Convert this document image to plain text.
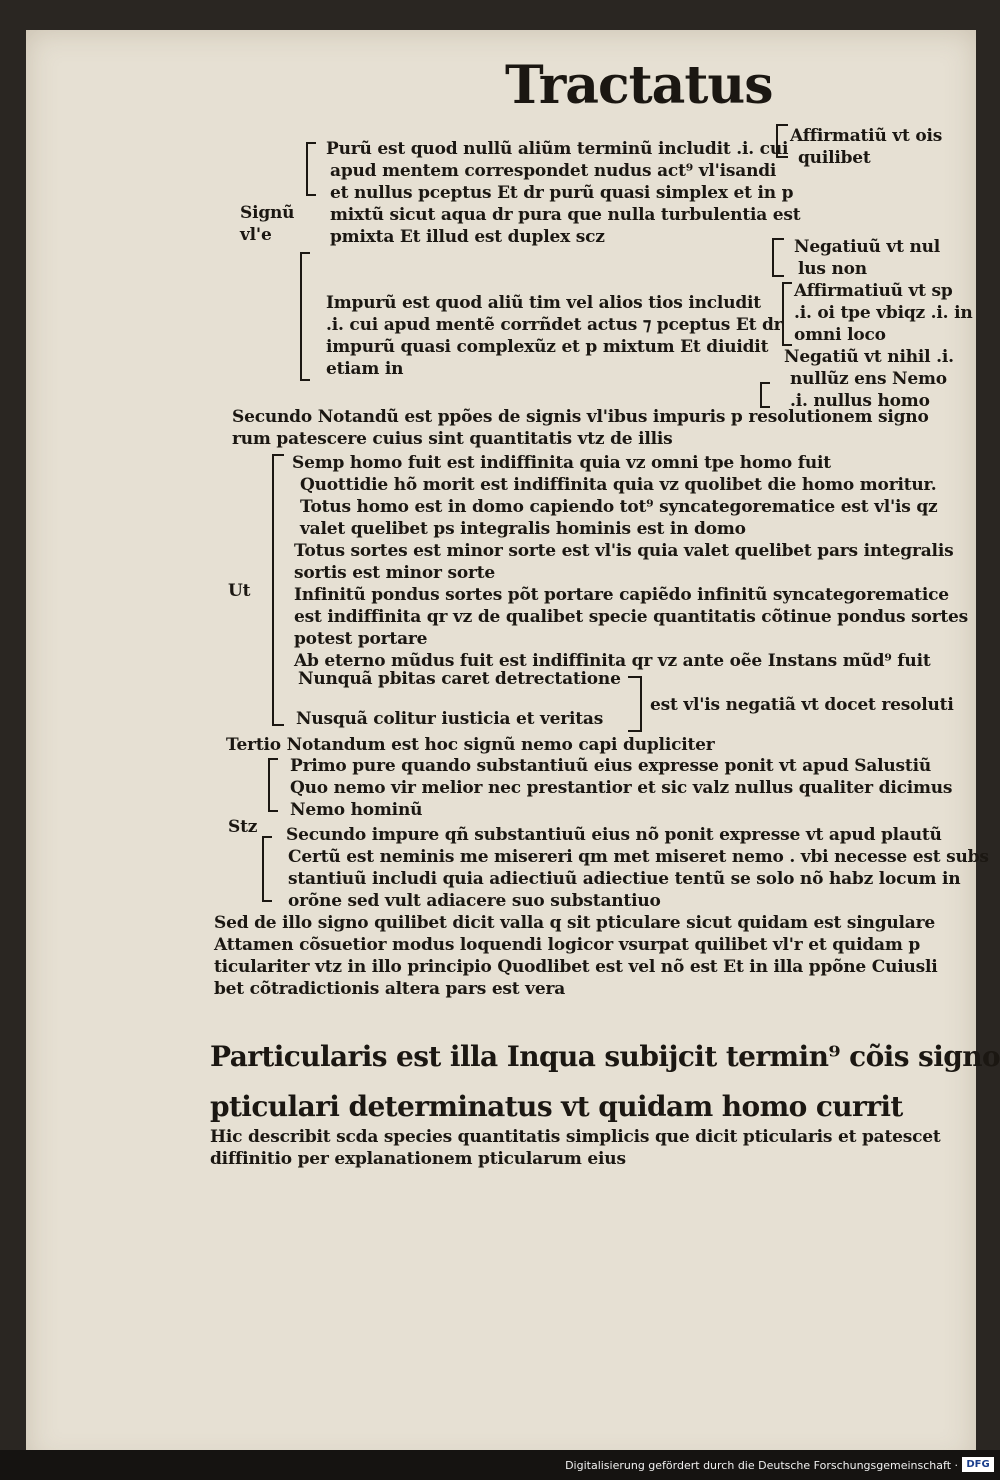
Tractatus
Signũ
vl'e
Purũ est quod nullũ aliũm terminũ includit .i. cui
apud mentem correspondet nudus act⁹ vl'isandi
et nullus pceptus Et dr purũ quasi simplex et in p
mixtũ sicut aqua dr pura que nulla turbulentia est
pmixta Et illud est duplex scz
Impurũ est quod aliũ tim vel alios tios includit
.i. cui apud mentẽ corrñdet actus ⁊ pceptus Et dr
impurũ quasi complexũz et p mixtum Et diuidit
etiam in
Affirmatiũ vt ois
quilibet
Negatiuũ vt nul
lus non
Affirmatiuũ vt sp
.i. oi tpe vbiqz .i. in
omni loco
Negatiũ vt nihil .i.
nullũz ens Nemo
.i. nullus homo
Secundo Notandũ est ppões de signis vl'ibus impuris p resolutionem signo
rum patescere cuius sint quantitatis vtz de illis
Ut
Semp homo fuit est indiffinita quia vz omni tpe homo fuit
Quottidie hõ morit est indiffinita quia vz quolibet die homo moritur.
Totus homo est in domo capiendo tot⁹ syncategorematice est vl'is qz
valet quelibet ps integralis hominis est in domo
Totus sortes est minor sorte est vl'is quia valet quelibet pars integralis
sortis est minor sorte
Infinitũ pondus sortes põt portare capiẽdo infinitũ syncategorematice
est indiffinita qr vz de qualibet specie quantitatis cõtinue pondus sortes
potest portare
Ab eterno mũdus fuit est indiffinita qr vz ante oẽe Instans mũd⁹ fuit
Nunquã pbitas caret detrectatione
est vl'is negatiã vt docet resoluti
Nusquã colitur iusticia et veritas
Tertio Notandum est hoc signũ nemo capi dupliciter
Stz
Primo pure quando substantiuũ eius expresse ponit vt apud Salustiũ
Quo nemo vir melior nec prestantior et sic valz nullus qualiter dicimus
Nemo hominũ
Secundo impure qñ substantiuũ eius nõ ponit expresse vt apud plautũ
Certũ est neminis me misereri qm met miseret nemo . vbi necesse est subs
stantiuũ includi quia adiectiuũ adiectiue tentũ se solo nõ habz locum in
orõne sed vult adiacere suo substantiuo
Sed de illo signo quilibet dicit valla q sit pticulare sicut quidam est singulare
Attamen cõsuetior modus loquendi logicor vsurpat quilibet vl'r et quidam p
ticulariter vtz in illo principio Quodlibet est vel nõ est Et in illa ppõne Cuiusli
bet cõtradictionis altera pars est vera
Particularis est illa Inqua subijcit termin⁹ cõis signo
pticulari determinatus vt quidam homo currit
Hic describit scda species quantitatis simplicis que dicit pticularis et patescet
diffinitio per explanationem pticularum eius
Digitalisierung gefördert durch die Deutsche Forschungsgemeinschaft · DFG
